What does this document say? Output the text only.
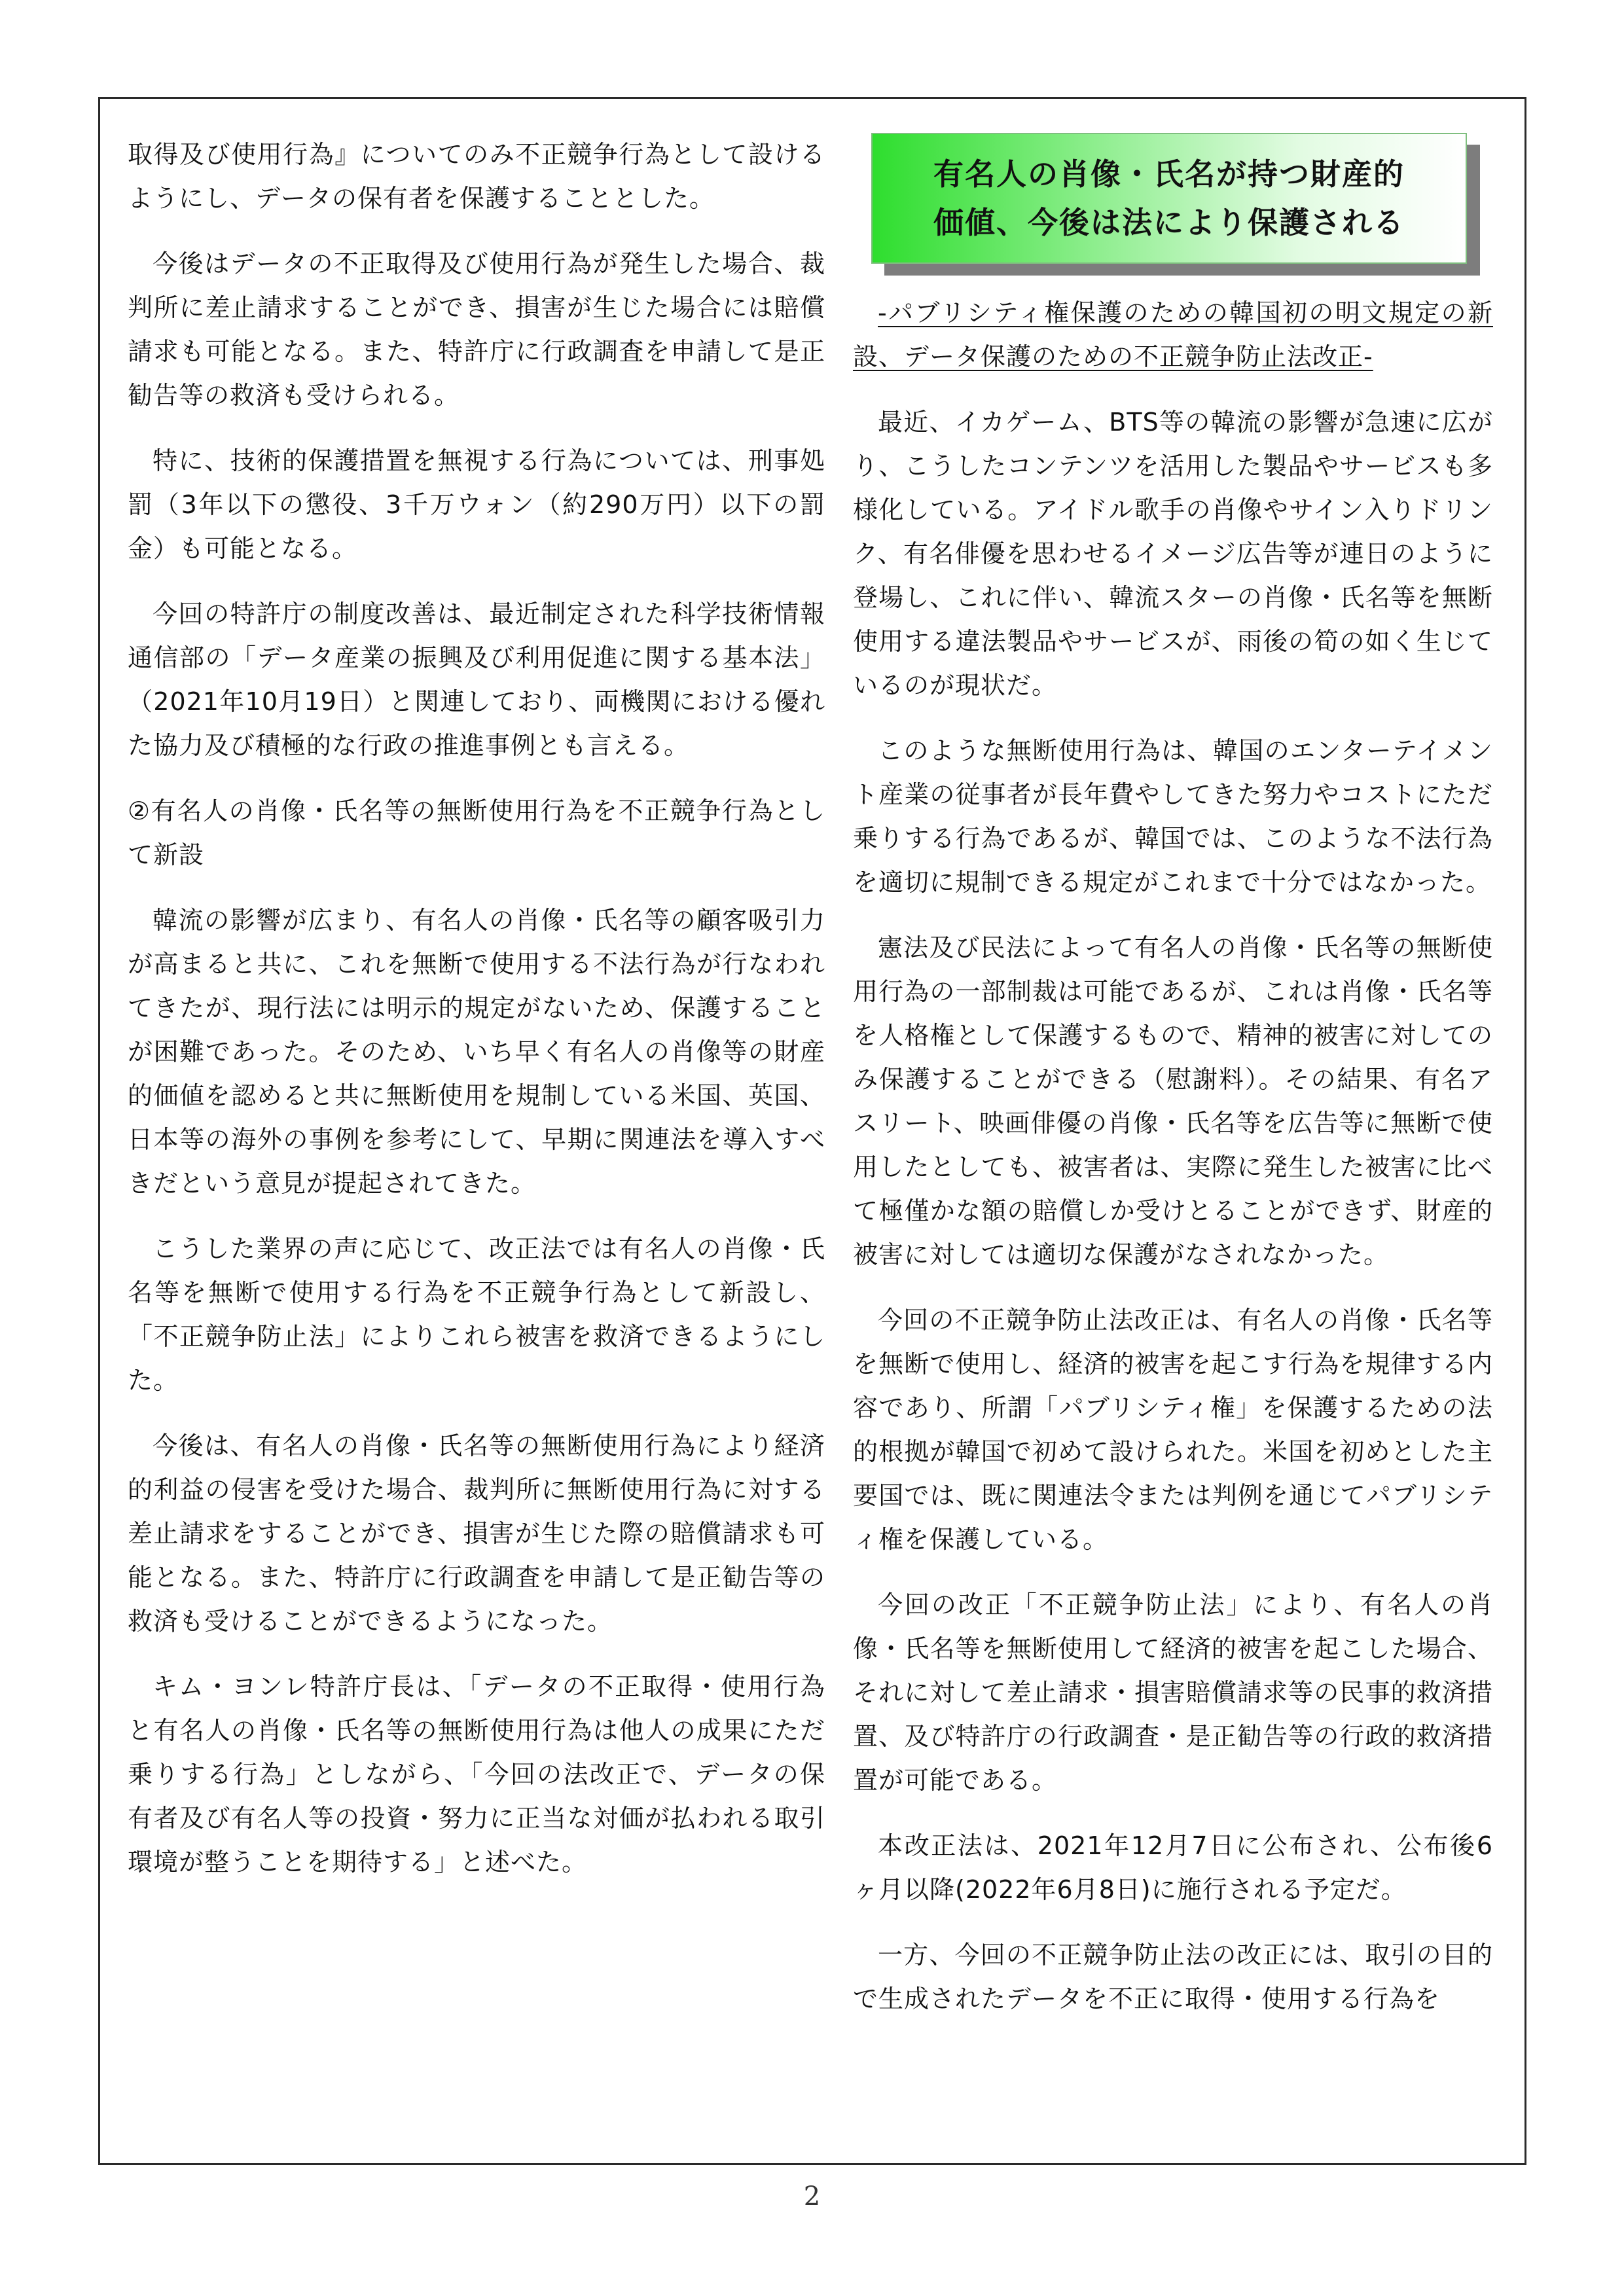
取得及び使用行為』についてのみ不正競争行為として設けるようにし、データの保有者を保護することとした。

今後はデータの不正取得及び使用行為が発生した場合、裁判所に差止請求することができ、損害が生じた場合には賠償請求も可能となる。また、特許庁に行政調査を申請して是正勧告等の救済も受けられる。

特に、技術的保護措置を無視する行為については、刑事処罰（3年以下の懲役、3千万ウォン（約290万円）以下の罰金）も可能となる。

今回の特許庁の制度改善は、最近制定された科学技術情報通信部の「データ産業の振興及び利用促進に関する基本法」（2021年10月19日）と関連しており、両機関における優れた協力及び積極的な行政の推進事例とも言える。

②有名人の肖像・氏名等の無断使用行為を不正競争行為として新設

韓流の影響が広まり、有名人の肖像・氏名等の顧客吸引力が高まると共に、これを無断で使用する不法行為が行なわれてきたが、現行法には明示的規定がないため、保護することが困難であった。そのため、いち早く有名人の肖像等の財産的価値を認めると共に無断使用を規制している米国、英国、日本等の海外の事例を参考にして、早期に関連法を導入すべきだという意見が提起されてきた。

こうした業界の声に応じて、改正法では有名人の肖像・氏名等を無断で使用する行為を不正競争行為として新設し、「不正競争防止法」によりこれら被害を救済できるようにした。

今後は、有名人の肖像・氏名等の無断使用行為により経済的利益の侵害を受けた場合、裁判所に無断使用行為に対する差止請求をすることができ、損害が生じた際の賠償請求も可能となる。また、特許庁に行政調査を申請して是正勧告等の救済も受けることができるようになった。

キム・ヨンレ特許庁長は、「データの不正取得・使用行為と有名人の肖像・氏名等の無断使用行為は他人の成果にただ乗りする行為」としながら、「今回の法改正で、データの保有者及び有名人等の投資・努力に正当な対価が払われる取引環境が整うことを期待する」と述べた。

有名人の肖像・氏名が持つ財産的
価値、今後は法により保護される

-パブリシティ権保護のための韓国初の明文規定の新設、データ保護のための不正競争防止法改正-

最近、イカゲーム、BTS等の韓流の影響が急速に広がり、こうしたコンテンツを活用した製品やサービスも多様化している。アイドル歌手の肖像やサイン入りドリンク、有名俳優を思わせるイメージ広告等が連日のように登場し、これに伴い、韓流スターの肖像・氏名等を無断使用する違法製品やサービスが、雨後の筍の如く生じているのが現状だ。

このような無断使用行為は、韓国のエンターテイメント産業の従事者が長年費やしてきた努力やコストにただ乗りする行為であるが、韓国では、このような不法行為を適切に規制できる規定がこれまで十分ではなかった。

憲法及び民法によって有名人の肖像・氏名等の無断使用行為の一部制裁は可能であるが、これは肖像・氏名等を人格権として保護するもので、精神的被害に対してのみ保護することができる（慰謝料）。その結果、有名アスリート、映画俳優の肖像・氏名等を広告等に無断で使用したとしても、被害者は、実際に発生した被害に比べて極僅かな額の賠償しか受けとることができず、財産的被害に対しては適切な保護がなされなかった。

今回の不正競争防止法改正は、有名人の肖像・氏名等を無断で使用し、経済的被害を起こす行為を規律する内容であり、所謂「パブリシティ権」を保護するための法的根拠が韓国で初めて設けられた。米国を初めとした主要国では、既に関連法令または判例を通じてパブリシティ権を保護している。

今回の改正「不正競争防止法」により、有名人の肖像・氏名等を無断使用して経済的被害を起こした場合、それに対して差止請求・損害賠償請求等の民事的救済措置、及び特許庁の行政調査・是正勧告等の行政的救済措置が可能である。

本改正法は、2021年12月7日に公布され、公布後6ヶ月以降(2022年6月8日)に施行される予定だ。

一方、今回の不正競争防止法の改正には、取引の目的で生成されたデータを不正に取得・使用する行為を

2
